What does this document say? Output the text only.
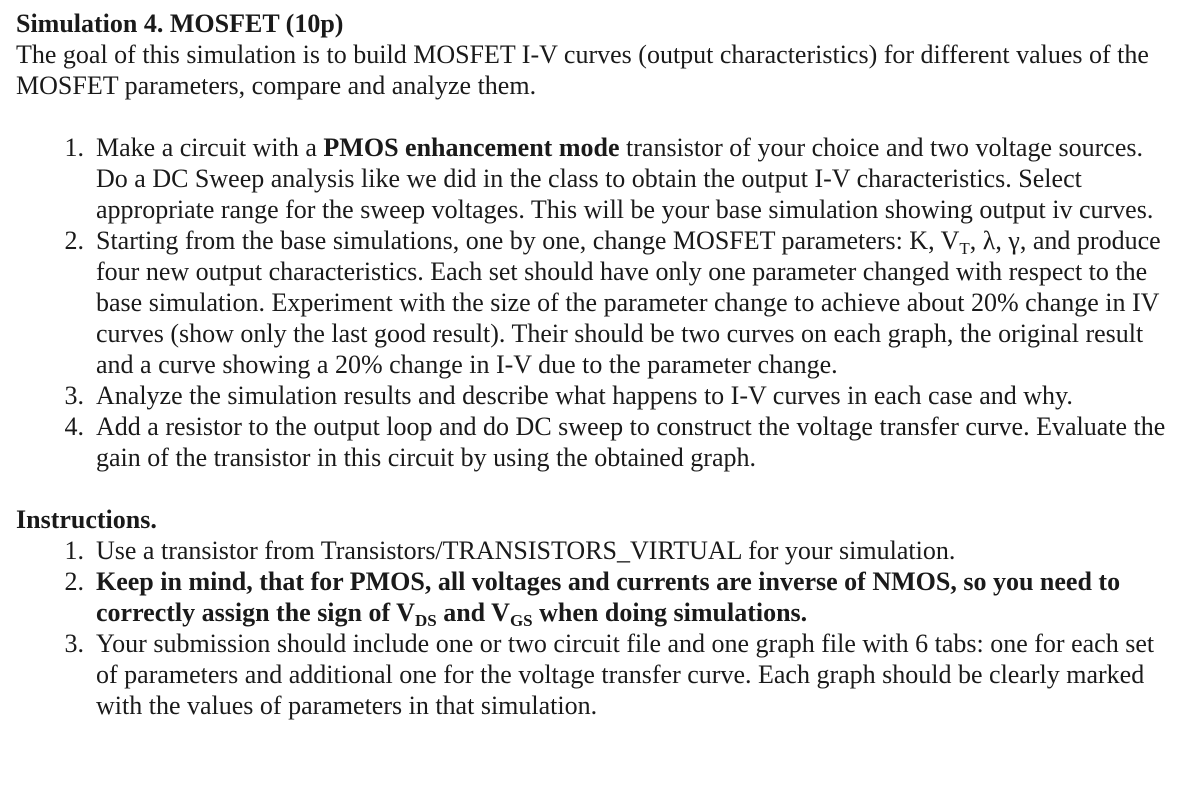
Simulation 4. MOSFET (10p)

The goal of this simulation is to build MOSFET I-V curves (output characteristics) for different values of the MOSFET parameters, compare and analyze them.

1. Make a circuit with a PMOS enhancement mode transistor of your choice and two voltage sources. Do a DC Sweep analysis like we did in the class to obtain the output I-V characteristics. Select appropriate range for the sweep voltages. This will be your base simulation showing output iv curves.
2. Starting from the base simulations, one by one, change MOSFET parameters: K, $V_T$, λ, γ, and produce four new output characteristics. Each set should have only one parameter changed with respect to the base simulation. Experiment with the size of the parameter change to achieve about 20% change in IV curves (show only the last good result). Their should be two curves on each graph, the original result and a curve showing a 20% change in I-V due to the parameter change.
3. Analyze the simulation results and describe what happens to I-V curves in each case and why.
4. Add a resistor to the output loop and do DC sweep to construct the voltage transfer curve. Evaluate the gain of the transistor in this circuit by using the obtained graph.

Instructions.

1. Use a transistor from Transistors/TRANSISTORS_VIRTUAL for your simulation.
2. Keep in mind, that for PMOS, all voltages and currents are inverse of NMOS, so you need to correctly assign the sign of $V_{DS}$ and $V_{GS}$ when doing simulations.
3. Your submission should include one or two circuit file and one graph file with 6 tabs: one for each set of parameters and additional one for the voltage transfer curve. Each graph should be clearly marked with the values of parameters in that simulation.
